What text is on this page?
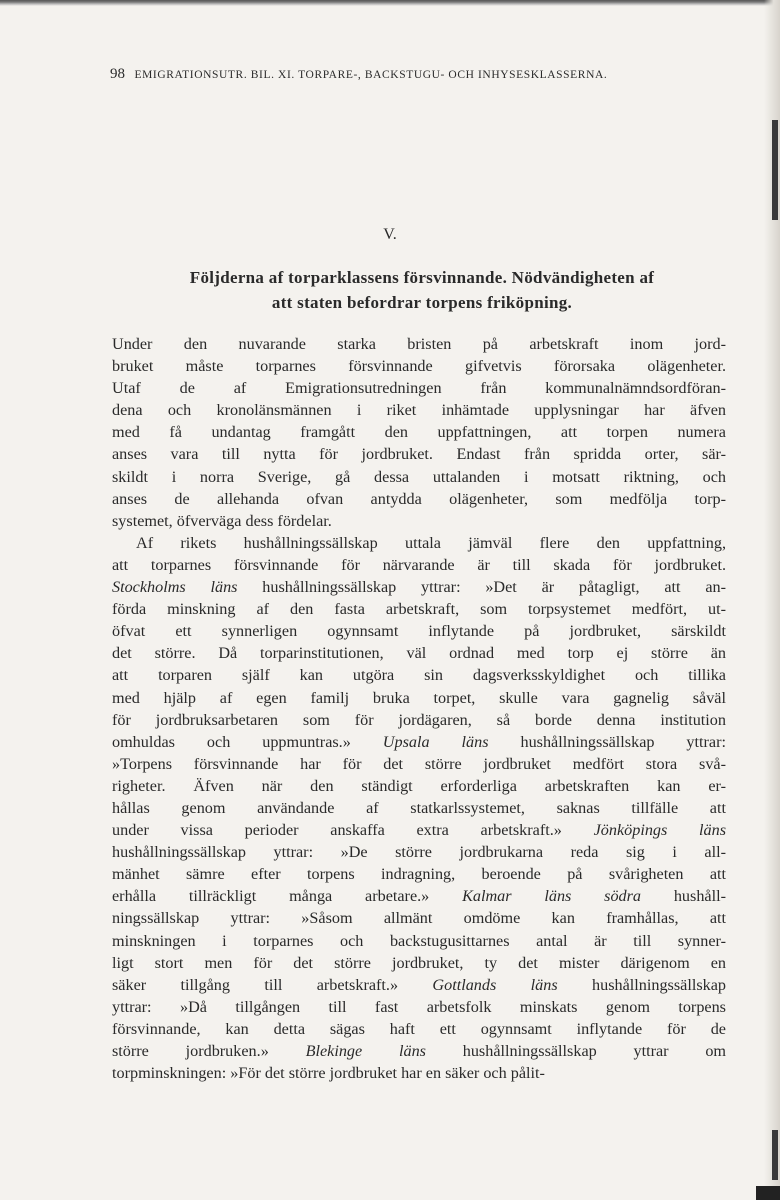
98 EMIGRATIONSUTR. BIL. XI. TORPARE-, BACKSTUGU- OCH INHYSESKLASSERNA.
V.
Följderna af torparklassens försvinnande. Nödvändigheten af
att staten befordrar torpens friköpning.
Under den nuvarande starka bristen på arbetskraft inom jord-
bruket måste torparnes försvinnande gifvetvis förorsaka olägenheter.
Utaf de af Emigrationsutredningen från kommunalnämndsordföran-
dena och kronolänsmännen i riket inhämtade upplysningar har äfven
med få undantag framgått den uppfattningen, att torpen numera
anses vara till nytta för jordbruket. Endast från spridda orter, sär-
skildt i norra Sverige, gå dessa uttalanden i motsatt riktning, och
anses de allehanda ofvan antydda olägenheter, som medfölja torp-
systemet, öfverväga dess fördelar.
Af rikets hushållningssällskap uttala jämväl flere den uppfattning,
att torparnes försvinnande för närvarande är till skada för jordbruket.
Stockholms läns hushållningssällskap yttrar: »Det är påtagligt, att an-
förda minskning af den fasta arbetskraft, som torpsystemet medfört, ut-
öfvat ett synnerligen ogynnsamt inflytande på jordbruket, särskildt
det större. Då torparinstitutionen, väl ordnad med torp ej större än
att torparen själf kan utgöra sin dagsverksskyldighet och tillika
med hjälp af egen familj bruka torpet, skulle vara gagnelig såväl
för jordbruksarbetaren som för jordägaren, så borde denna institution
omhuldas och uppmuntras.» Upsala läns hushållningssällskap yttrar:
»Torpens försvinnande har för det större jordbruket medfört stora svå-
righeter. Äfven när den ständigt erforderliga arbetskraften kan er-
hållas genom användande af statkarlssystemet, saknas tillfälle att
under vissa perioder anskaffa extra arbetskraft.» Jönköpings läns
hushållningssällskap yttrar: »De större jordbrukarna reda sig i all-
mänhet sämre efter torpens indragning, beroende på svårigheten att
erhålla tillräckligt många arbetare.» Kalmar läns södra hushåll-
ningssällskap yttrar: »Såsom allmänt omdöme kan framhållas, att
minskningen i torparnes och backstugusittarnes antal är till synner-
ligt stort men för det större jordbruket, ty det mister därigenom en
säker tillgång till arbetskraft.» Gottlands läns hushållningssällskap
yttrar: »Då tillgången till fast arbetsfolk minskats genom torpens
försvinnande, kan detta sägas haft ett ogynnsamt inflytande för de
större jordbruken.» Blekinge läns hushållningssällskap yttrar om
torpminskningen: »För det större jordbruket har en säker och pålit-
